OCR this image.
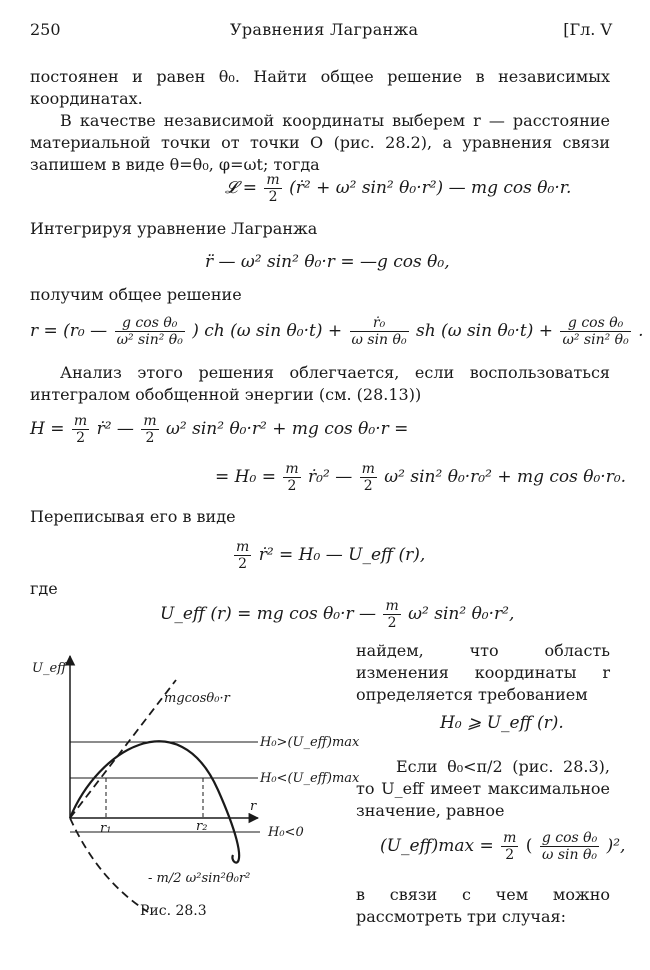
250	Уравнения Лагранжа	[Гл. V
постоянен и равен θ₀. Найти общее решение в независимых координатах.
В качестве независимой координаты выберем r — расстояние материальной точки от точки O (рис. 28.2), а уравнения связи запишем в виде θ=θ₀, φ=ωt; тогда
𝓛 = $\frac{m}{2}$ (ṙ² + ω² sin² θ₀·r²) — mg cos θ₀·r.
Интегрируя уравнение Лагранжа
r̈ — ω² sin² θ₀·r = —g cos θ₀,
получим общее решение
r = (r₀ — $\frac{\text{g cos θ₀}}{\text{ω² sin² θ₀}}$ ) ch (ω $\sin \theta_0\cdot t) + \frac{\text{ṙ₀}}{\text{ω sin θ₀}}$ sh (ω $\sin \theta_0\cdot t) + \frac{\text{g cos θ₀}}{\text{ω² sin² θ₀}}$ .
Анализ этого решения облегчается, если воспользоваться интегралом обобщенной энергии (см. (28.13))
$H = \frac{m}{2}$ ṙ² — $\frac{m}{2} \omega^2$ sin² θ₀·r² + mg cos θ₀·r =
= $H_0 = \frac{m}{2}$ ṙ₀² — $\frac{m}{2} \omega^2$ sin² θ₀·r₀² + mg cos θ₀·r₀.
Переписывая его в виде
$\frac{m}{2}$ ṙ² = H₀ — U_eff (r),
где
U_eff (r) = mg cos θ₀·r — $\frac{m}{2} \omega^2$ sin² θ₀·r²,
найдем, что область изменения координаты r определяется требованием
H₀ ⩾ U_eff (r).
Если θ₀<π/2 (рис. 28.3), то U_eff имеет максимальное значение, равное
(U_eff)max = $\frac{m}{2}$ ( $\frac{\text{g cos θ₀}}{\text{ω sin θ₀}} )^2$,
в связи с чем можно рассмотреть три случая:
U_eff
r
mgcosθ₀·r
- m/2 ω²sin²θ₀r²
H₀>(U_eff)max
H₀<(U_eff)max
H₀<0
r₁	r₂
Рис. 28.3
